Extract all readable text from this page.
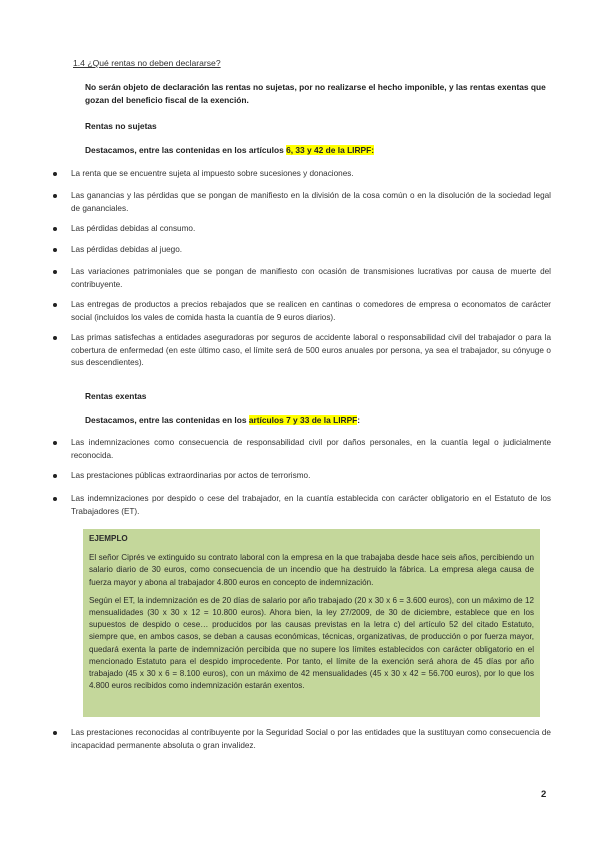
1.4 ¿Qué rentas no deben declararse?
No serán objeto de declaración las rentas no sujetas, por no realizarse el hecho imponible, y las rentas exentas que gozan del beneficio fiscal de la exención.
Rentas no sujetas
Destacamos, entre las contenidas en los artículos 6, 33 y 42 de la LIRPF:
La renta que se encuentre sujeta al impuesto sobre sucesiones y donaciones.
Las ganancias y las pérdidas que se pongan de manifiesto en la división de la cosa común o en la disolución de la sociedad legal de gananciales.
Las pérdidas debidas al consumo.
Las pérdidas debidas al juego.
Las variaciones patrimoniales que se pongan de manifiesto con ocasión de transmisiones lucrativas por causa de muerte del contribuyente.
Las entregas de productos a precios rebajados que se realicen en cantinas o comedores de empresa o economatos de carácter social (incluidos los vales de comida hasta la cuantía de 9 euros diarios).
Las primas satisfechas a entidades aseguradoras por seguros de accidente laboral o responsabilidad civil del trabajador o para la cobertura de enfermedad (en este último caso, el límite será de 500 euros anuales por persona, ya sea el trabajador, su cónyuge o sus descendientes).
Rentas exentas
Destacamos, entre las contenidas en los artículos 7 y 33 de la LIRPF:
Las indemnizaciones como consecuencia de responsabilidad civil por daños personales, en la cuantía legal o judicialmente reconocida.
Las prestaciones públicas extraordinarias por actos de terrorismo.
Las indemnizaciones por despido o cese del trabajador, en la cuantía establecida con carácter obligatorio en el Estatuto de los Trabajadores (ET).
EJEMPLO

El señor Ciprés ve extinguido su contrato laboral con la empresa en la que trabajaba desde hace seis años, percibiendo un salario diario de 30 euros, como consecuencia de un incendio que ha destruido la fábrica. La empresa alega causa de fuerza mayor y abona al trabajador 4.800 euros en concepto de indemnización.

Según el ET, la indemnización es de 20 días de salario por año trabajado (20 x 30 x 6 = 3.600 euros), con un máximo de 12 mensualidades (30 x 30 x 12 = 10.800 euros). Ahora bien, la ley 27/2009, de 30 de diciembre, establece que en los supuestos de despido o cese… producidos por las causas previstas en la letra c) del artículo 52 del citado Estatuto, siempre que, en ambos casos, se deban a causas económicas, técnicas, organizativas, de producción o por fuerza mayor, quedará exenta la parte de indemnización percibida que no supere los límites establecidos con carácter obligatorio en el mencionado Estatuto para el despido improcedente. Por tanto, el límite de la exención será ahora de 45 días por año trabajado (45 x 30 x 6 = 8.100 euros), con un máximo de 42 mensualidades (45 x 30 x 42 = 56.700 euros), por lo que los 4.800 euros recibidos como indemnización estarán exentos.

Las prestaciones reconocidas al contribuyente por la Seguridad Social o por las entidades que la sustituyan como consecuencia de incapacidad permanente absoluta o gran invalidez.
2
